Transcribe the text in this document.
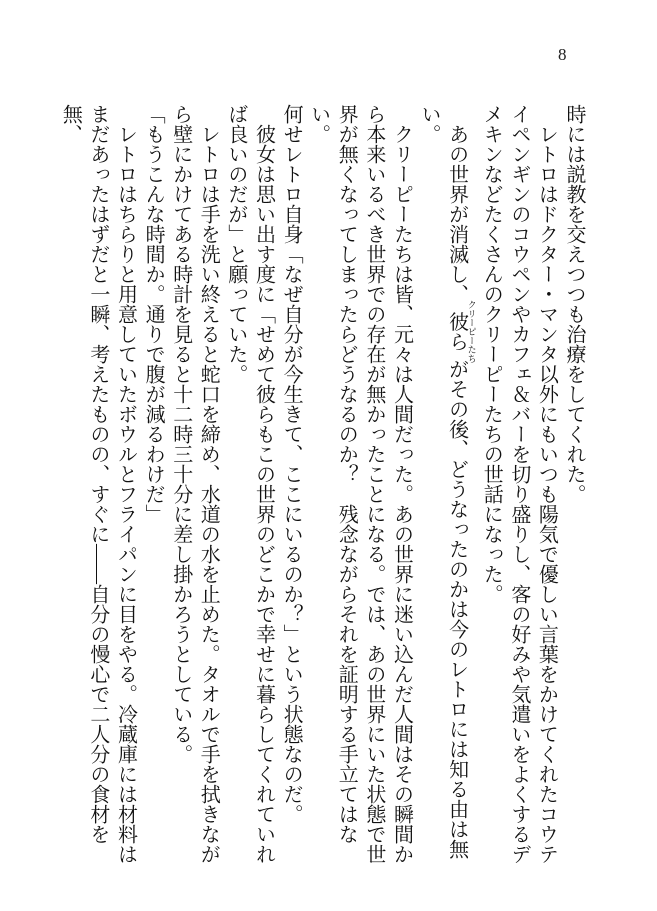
8

時には説教を交えつつも治療をしてくれた。

レトロはドクター・マンタ以外にもいつも陽気で優しい言葉をかけてくれたコウテイペンギンのコウペンやカフェ＆バーを切り盛りし、客の好みや気遣いをよくするデメキンなどたくさんのクリーピーたちの世話になった。

あの世界が消滅し、彼ら クリーピーたちがその後、どうなったのかは今のレトロには知る由は無い。

クリーピーたちは皆、元々は人間だった。あの世界に迷い込んだ人間はその瞬間から本来いるべき世界での存在が無かったことになる。では、あの世界にいた状態で世界が無くなってしまったらどうなるのか？　残念ながらそれを証明する手立てはない。

何せレトロ自身「なぜ自分が今生きて、ここにいるのか？」という状態なのだ。

彼女は思い出す度に「せめて彼らもこの世界のどこかで幸せに暮らしてくれていれば良いのだが」と願っていた。

レトロは手を洗い終えると蛇口を締め、水道の水を止めた。タオルで手を拭きながら壁にかけてある時計を見ると十二時三十分に差し掛かろうとしている。

「もうこんな時間か。通りで腹が減るわけだ」

レトロはちらりと用意していたボウルとフライパンに目をやる。冷蔵庫には材料はまだあったはずだと一瞬、考えたものの、すぐに――自分の慢心で二人分の食材を無、
